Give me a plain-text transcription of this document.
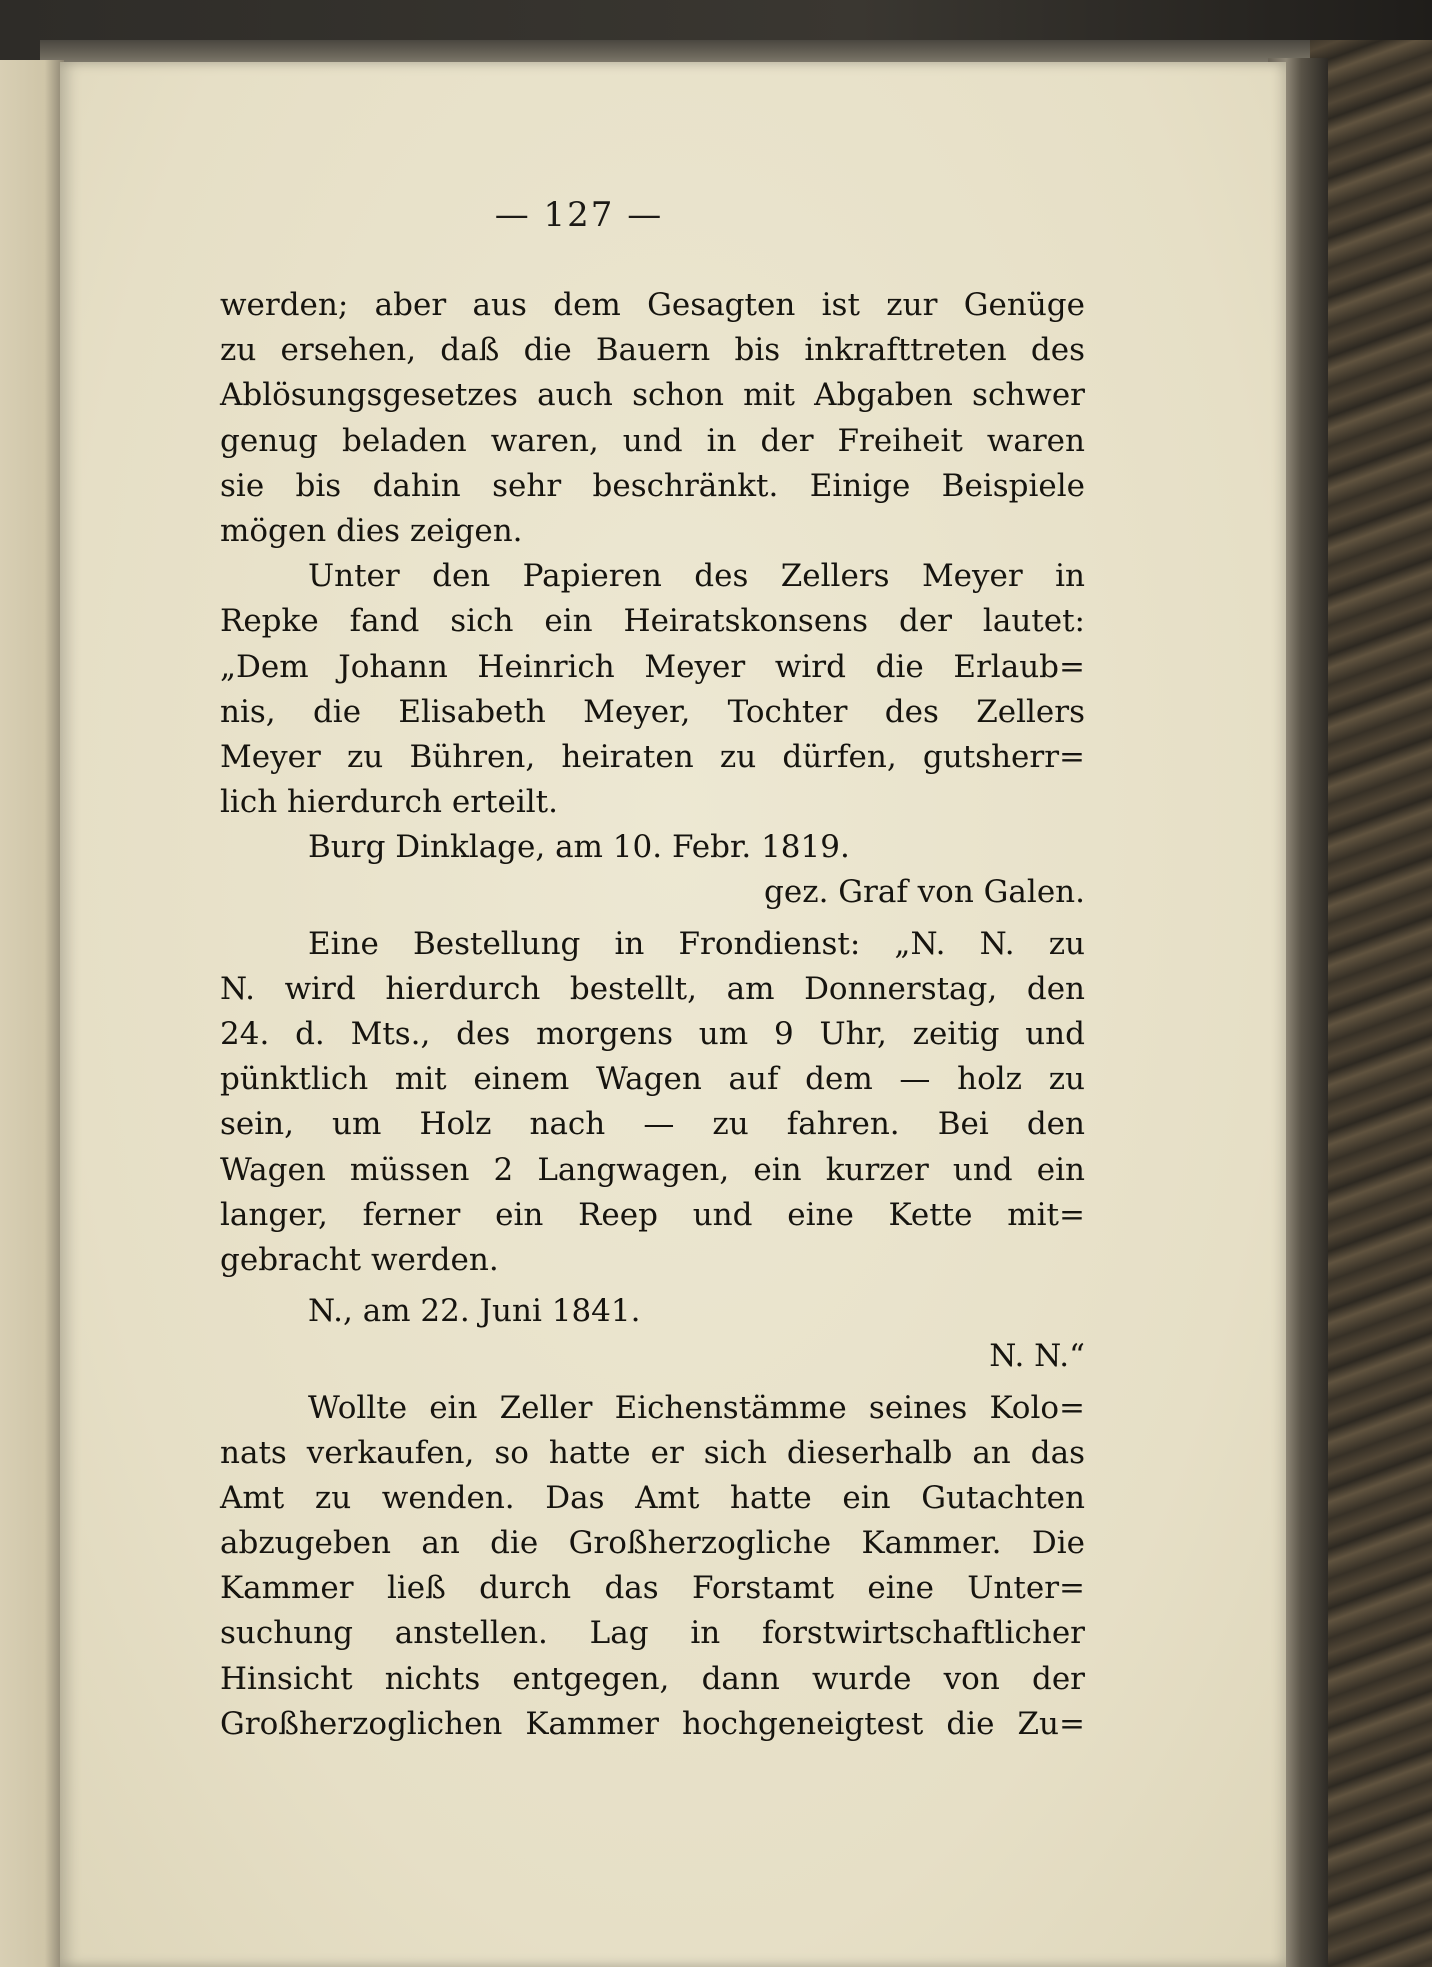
— 127 —
werden; aber aus dem Gesagten ist zur Genüge
zu ersehen, daß die Bauern bis inkrafttreten des
Ablösungsgesetzes auch schon mit Abgaben schwer
genug beladen waren, und in der Freiheit waren
sie bis dahin sehr beschränkt. Einige Beispiele
mögen dies zeigen.
Unter den Papieren des Zellers Meyer in
Repke fand sich ein Heiratskonsens der lautet:
„Dem Johann Heinrich Meyer wird die Erlaub=
nis, die Elisabeth Meyer, Tochter des Zellers
Meyer zu Bühren, heiraten zu dürfen, gutsherr=
lich hierdurch erteilt.
Burg Dinklage, am 10. Febr. 1819.
gez. Graf von Galen.
Eine Bestellung in Frondienst: „N. N. zu
N. wird hierdurch bestellt, am Donnerstag, den
24. d. Mts., des morgens um 9 Uhr, zeitig und
pünktlich mit einem Wagen auf dem — holz zu
sein, um Holz nach — zu fahren. Bei den
Wagen müssen 2 Langwagen, ein kurzer und ein
langer, ferner ein Reep und eine Kette mit=
gebracht werden.
N., am 22. Juni 1841.
N. N.“
Wollte ein Zeller Eichenstämme seines Kolo=
nats verkaufen, so hatte er sich dieserhalb an das
Amt zu wenden. Das Amt hatte ein Gutachten
abzugeben an die Großherzogliche Kammer. Die
Kammer ließ durch das Forstamt eine Unter=
suchung anstellen. Lag in forstwirtschaftlicher
Hinsicht nichts entgegen, dann wurde von der
Großherzoglichen Kammer hochgeneigtest die Zu=
